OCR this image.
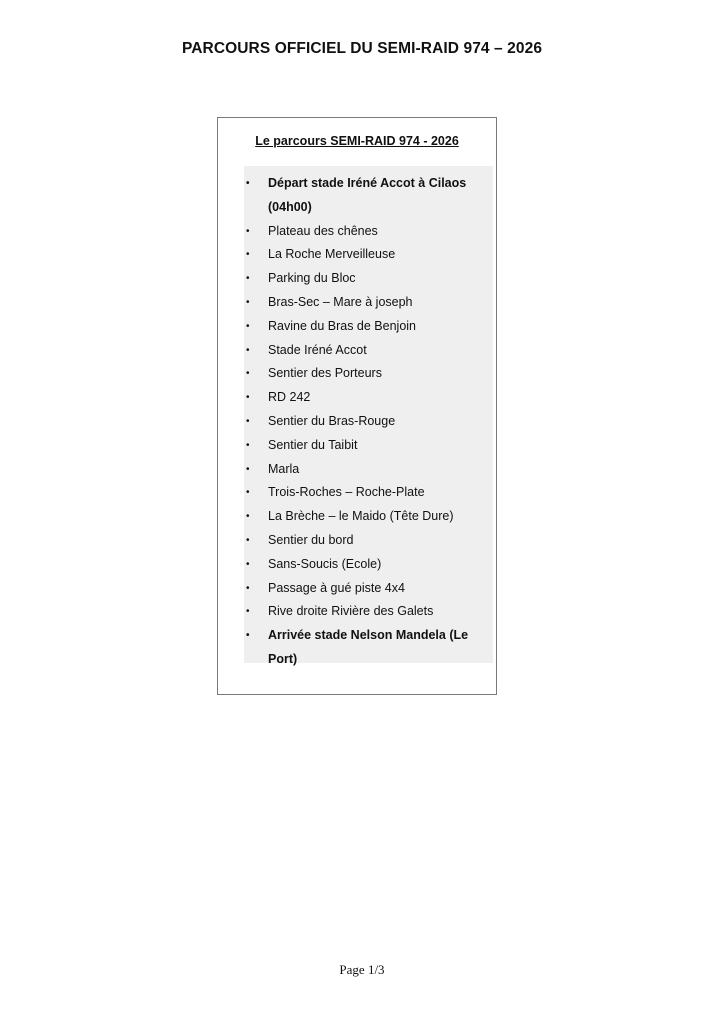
PARCOURS OFFICIEL DU SEMI-RAID 974 – 2026
Le parcours SEMI-RAID 974 - 2026
• Départ stade Iréné Accot à Cilaos (04h00)
• Plateau des chênes
• La Roche Merveilleuse
• Parking du Bloc
• Bras-Sec – Mare à joseph
• Ravine du Bras de Benjoin
• Stade Iréné Accot
• Sentier des Porteurs
• RD 242
• Sentier du Bras-Rouge
• Sentier du Taibit
• Marla
• Trois-Roches – Roche-Plate
• La Brèche – le Maido (Tête Dure)
• Sentier du bord
• Sans-Soucis (Ecole)
• Passage à gué piste 4x4
• Rive droite Rivière des Galets
• Arrivée stade Nelson Mandela (Le Port)
Page 1/3
